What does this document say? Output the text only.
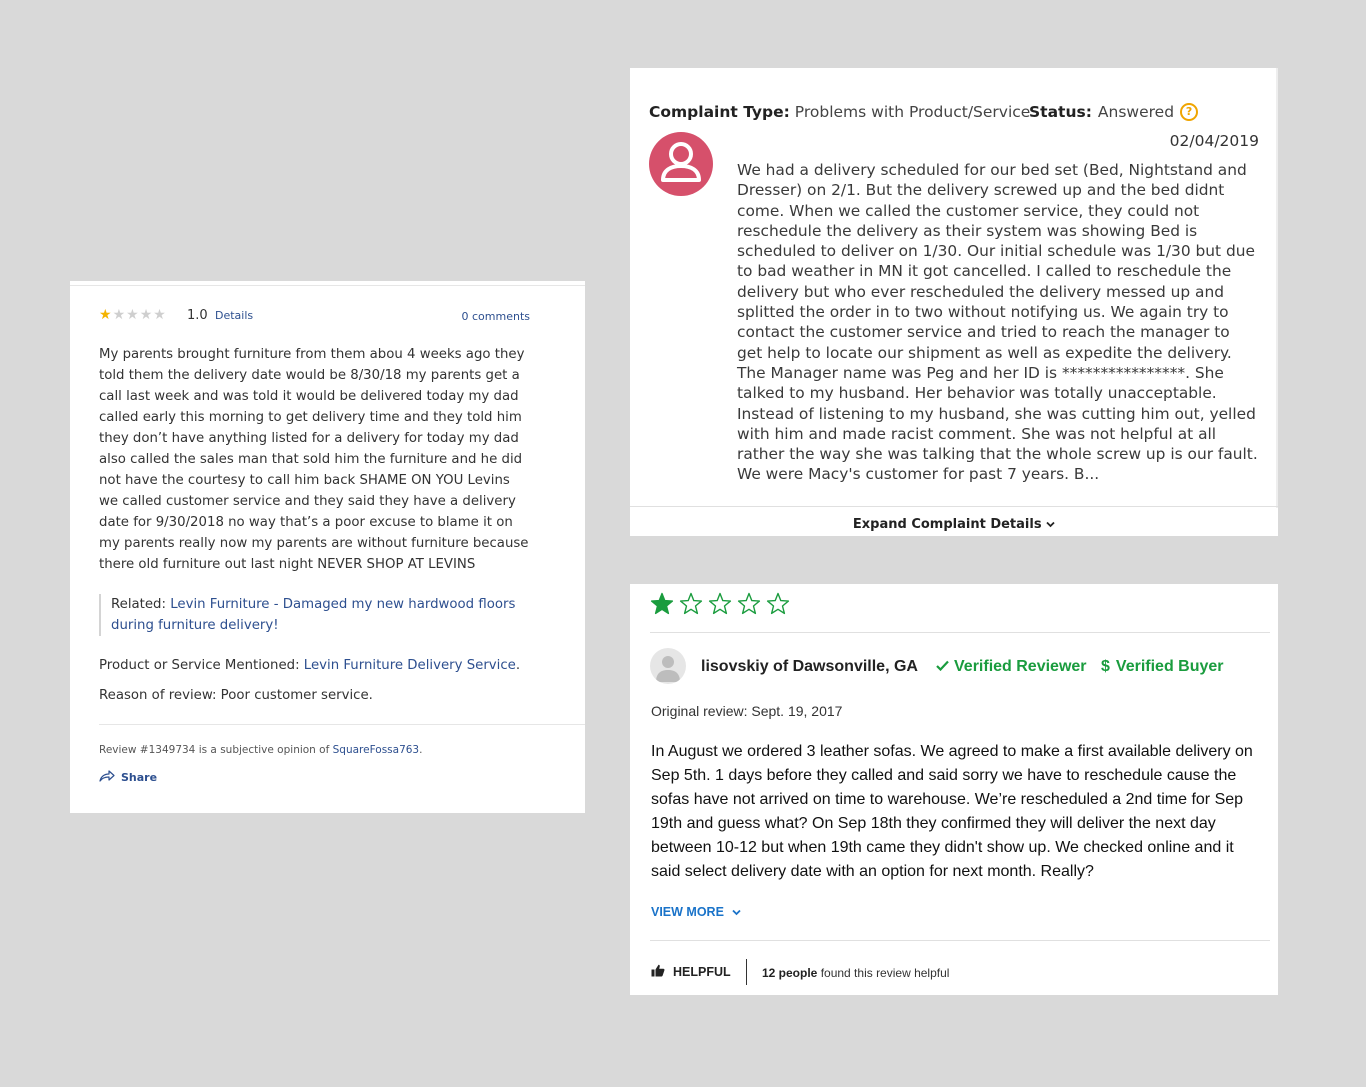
★★★★★ 1.0 Details	0 comments
My parents brought furniture from them abou 4 weeks ago they told them the delivery date would be 8/30/18 my parents get a call last week and was told it would be delivered today my dad called early this morning to get delivery time and they told him they don’t have anything listed for a delivery for today my dad also called the sales man that sold him the furniture and he did not have the courtesy to call him back SHAME ON YOU Levins we called customer service and they said they have a delivery date for 9/30/2018 no way that’s a poor excuse to blame it on my parents really now my parents are without furniture because there old furniture out last night NEVER SHOP AT LEVINS
Related: Levin Furniture - Damaged my new hardwood floors during furniture delivery!
Product or Service Mentioned: Levin Furniture Delivery Service.
Reason of review: Poor customer service.
Review #1349734 is a subjective opinion of SquareFossa763.
Share
Complaint Type: Problems with Product/Service
Status: Answered	?
02/04/2019
We had a delivery scheduled for our bed set (Bed, Nightstand and Dresser) on 2/1. But the delivery screwed up and the bed didnt come. When we called the customer service, they could not reschedule the delivery as their system was showing Bed is scheduled to deliver on 1/30. Our initial schedule was 1/30 but due to bad weather in MN it got cancelled. I called to reschedule the delivery but who ever rescheduled the delivery messed up and splitted the order in to two without notifying us. We again try to contact the customer service and tried to reach the manager to get help to locate our shipment as well as expedite the delivery. The Manager name was Peg and her ID is ****************. She talked to my husband. Her behavior was totally unacceptable. Instead of listening to my husband, she was cutting him out, yelled with him and made racist comment. She was not helpful at all rather the way she was talking that the whole screw up is our fault. We were Macy's customer for past 7 years. B...
Expand Complaint Details
lisovskiy of Dawsonville, GA Verified Reviewer $ Verified Buyer
Original review: Sept. 19, 2017
In August we ordered 3 leather sofas. We agreed to make a first available delivery on Sep 5th. 1 days before they called and said sorry we have to reschedule cause the sofas have not arrived on time to warehouse. We’re rescheduled a 2nd time for Sep 19th and guess what? On Sep 18th they confirmed they will deliver the next day between 10-12 but when 19th came they didn't show up. We checked online and it said select delivery date with an option for next month. Really?
VIEW MORE
HELPFUL	12 people found this review helpful
